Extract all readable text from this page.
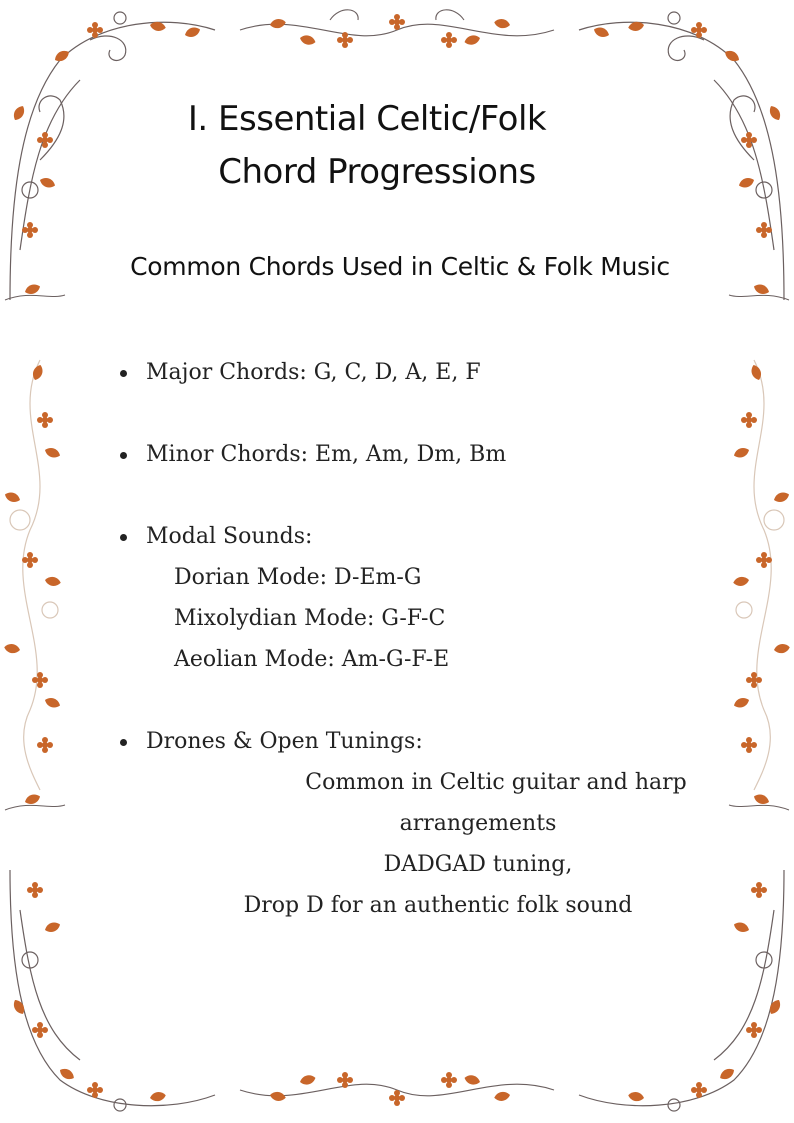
I. Essential Celtic/Folk
Chord Progressions
Common Chords Used in Celtic & Folk Music
Major Chords: G, C, D, A, E, F
Minor Chords: Em, Am, Dm, Bm
Modal Sounds:
Dorian Mode: D-Em-G
Mixolydian Mode: G-F-C
Aeolian Mode: Am-G-F-E
Drones & Open Tunings:
Common in Celtic guitar and harp
arrangements
DADGAD tuning,
Drop D for an authentic folk sound
